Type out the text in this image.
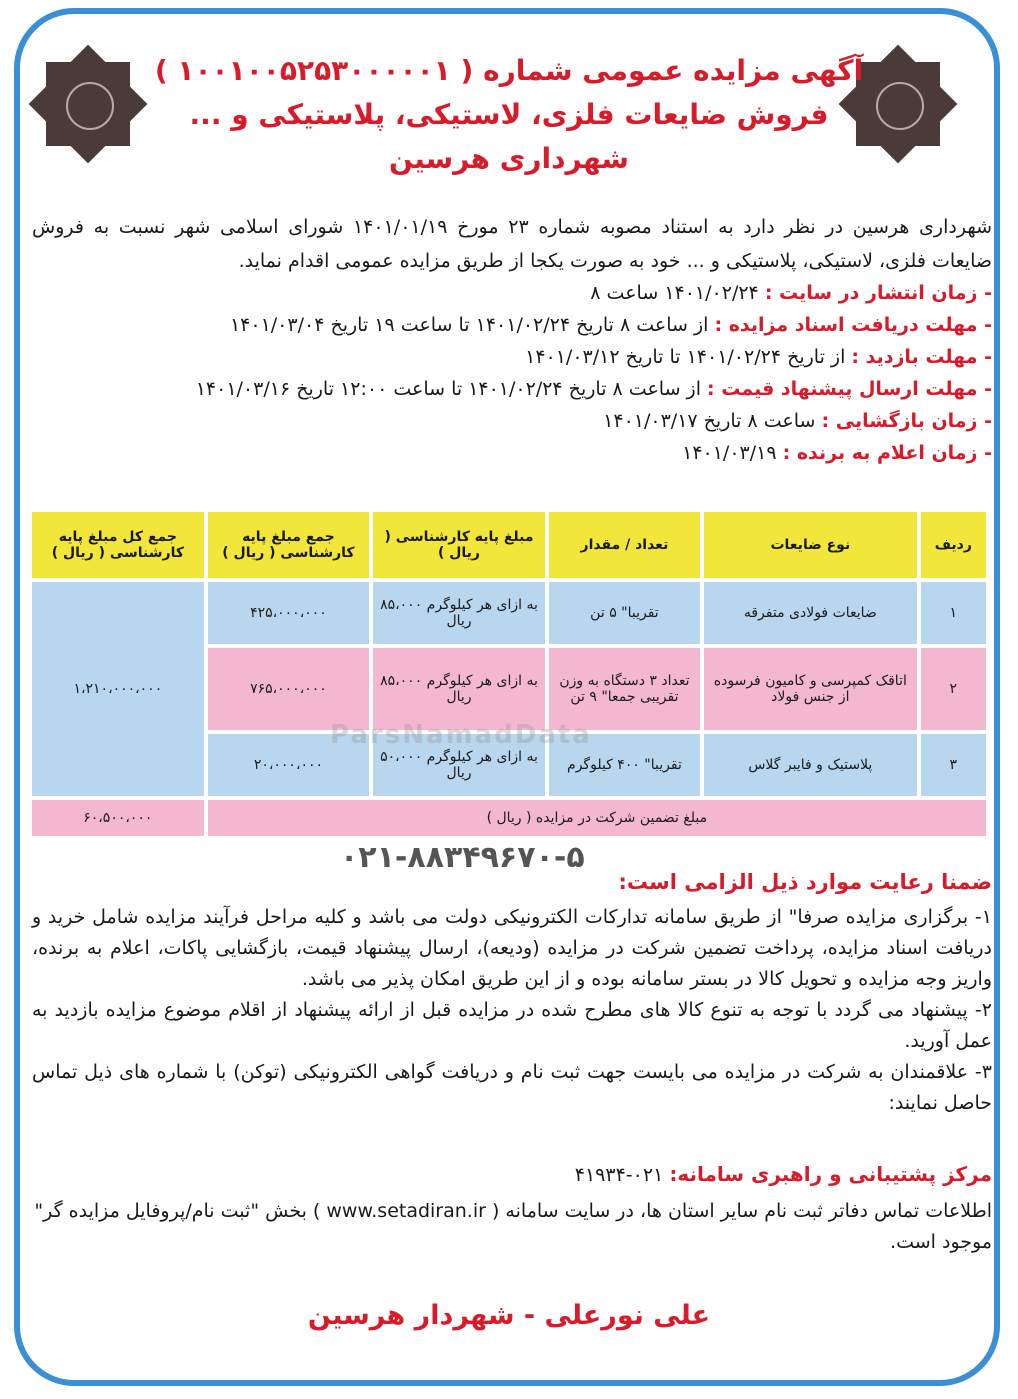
آگهی مزایده عمومی شماره ( ۱۰۰۱۰۰۵۲۵۳۰۰۰۰۰۱ )
فروش ضایعات فلزی، لاستیکی، پلاستیکی و ...
شهرداری هرسین
شهرداری هرسین در نظر دارد به استناد مصوبه شماره ۲۳ مورخ ۱۴۰۱/۰۱/۱۹ شورای اسلامی شهر نسبت به فروش ضایعات فلزی، لاستیکی، پلاستیکی و ... خود به صورت یکجا از طریق مزایده عمومی اقدام نماید.
- زمان انتشار در سایت : ۱۴۰۱/۰۲/۲۴ ساعت ۸
- مهلت دریافت اسناد مزایده : از ساعت ۸ تاریخ ۱۴۰۱/۰۲/۲۴ تا ساعت ۱۹ تاریخ ۱۴۰۱/۰۳/۰۴
- مهلت بازدید : از تاریخ ۱۴۰۱/۰۲/۲۴ تا تاریخ ۱۴۰۱/۰۳/۱۲
- مهلت ارسال پیشنهاد قیمت : از ساعت ۸ تاریخ ۱۴۰۱/۰۲/۲۴ تا ساعت ۱۲:۰۰ تاریخ ۱۴۰۱/۰۳/۱۶
- زمان بازگشایی : ساعت ۸ تاریخ ۱۴۰۱/۰۳/۱۷
- زمان اعلام به برنده : ۱۴۰۱/۰۳/۱۹
ردیف	نوع ضایعات	تعداد / مقدار	مبلغ پایه کارشناسی ( ریال )	جمع مبلغ پایه کارشناسی ( ریال )	جمع کل مبلغ پایه کارشناسی ( ریال )
۱	ضایعات فولادی متفرقه	تقریبا" ۵ تن	به ازای هر کیلوگرم ۸۵،۰۰۰ ریال	۴۲۵،۰۰۰،۰۰۰	۱،۲۱۰،۰۰۰،۰۰۰
۲	اتاقک کمپرسی و کامیون فرسوده از جنس فولاد	تعداد ۳ دستگاه به وزن تقریبی جمعا" ۹ تن	به ازای هر کیلوگرم ۸۵،۰۰۰ ریال	۷۶۵،۰۰۰،۰۰۰	
۳	پلاستیک و فایبر گلاس	تقریبا" ۴۰۰ کیلوگرم	به ازای هر کیلوگرم ۵۰،۰۰۰ ریال	۲۰،۰۰۰،۰۰۰	
مبلغ تضمین شرکت در مزایده ( ریال )					۶۰،۵۰۰،۰۰۰
ParsNamadData
۰۲۱-۸۸۳۴۹۶۷۰-۵
ضمنا رعایت موارد ذیل الزامی است:
۱- برگزاری مزایده صرفا" از طریق سامانه تدارکات الکترونیکی دولت می باشد و کلیه مراحل فرآیند مزایده شامل خرید و دریافت اسناد مزایده، پرداخت تضمین شرکت در مزایده (ودیعه)، ارسال پیشنهاد قیمت، بازگشایی پاکات، اعلام به برنده، واریز وجه مزایده و تحویل کالا در بستر سامانه بوده و از این طریق امکان پذیر می باشد.
۲- پیشنهاد می گردد با توجه به تنوع کالا های مطرح شده در مزایده قبل از ارائه پیشنهاد از اقلام موضوع مزایده بازدید به عمل آورید.
۳- علاقمندان به شرکت در مزایده می بایست جهت ثبت نام و دریافت گواهی الکترونیکی (توکن) با شماره های ذیل تماس حاصل نمایند:
مرکز پشتیبانی و راهبری سامانه: ۰۲۱-۴۱۹۳۴
اطلاعات تماس دفاتر ثبت نام سایر استان ها، در سایت سامانه ( www.setadiran.ir ) بخش "ثبت نام/پروفایل مزایده گر" موجود است.
علی نورعلی - شهردار هرسین
